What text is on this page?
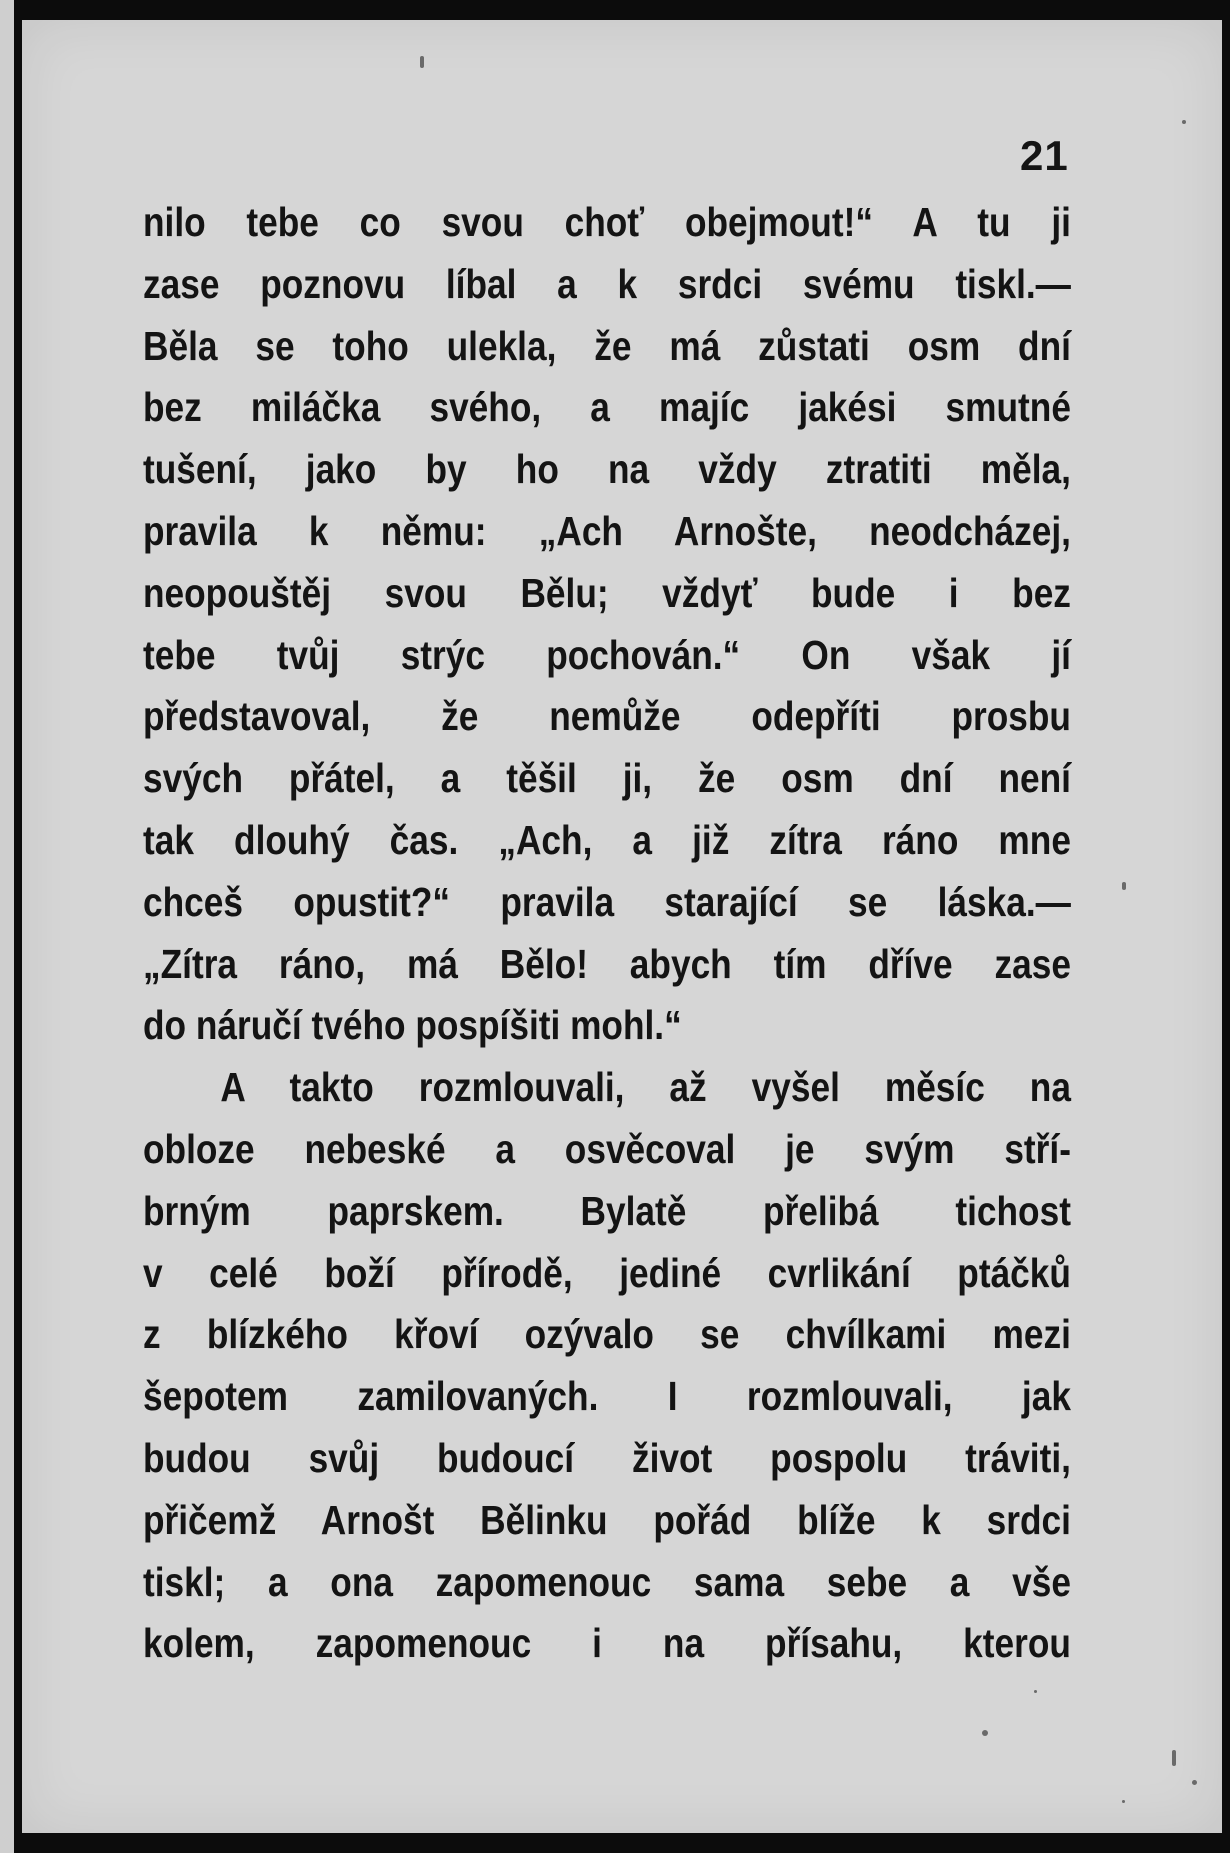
21
nilo tebe co svou choť obejmout!“ A tu ji
zase poznovu líbal a k srdci svému tiskl.—
Běla se toho ulekla, že má zůstati osm dní
bez miláčka svého, a majíc jakési smutné
tušení, jako by ho na vždy ztratiti měla,
pravila k němu: „Ach Arnošte, neodcházej,
neopouštěj svou Bělu; vždyť bude i bez
tebe tvůj strýc pochován.“ On však jí
představoval, že nemůže odepříti prosbu
svých přátel, a těšil ji, že osm dní není
tak dlouhý čas. „Ach, a již zítra ráno mne
chceš opustit?“ pravila starající se láska.—
„Zítra ráno, má Bělo! abych tím dříve zase
do náručí tvého pospíšiti mohl.“
A takto rozmlouvali, až vyšel měsíc na
obloze nebeské a osvěcoval je svým stří-
brným paprskem. Bylatě přelibá tichost
v celé boží přírodě, jediné cvrlikání ptáčků
z blízkého křoví ozývalo se chvílkami mezi
šepotem zamilovaných. I rozmlouvali, jak
budou svůj budoucí život pospolu tráviti,
přičemž Arnošt Bělinku pořád blíže k srdci
tiskl; a ona zapomenouc sama sebe a vše
kolem, zapomenouc i na přísahu, kterou
